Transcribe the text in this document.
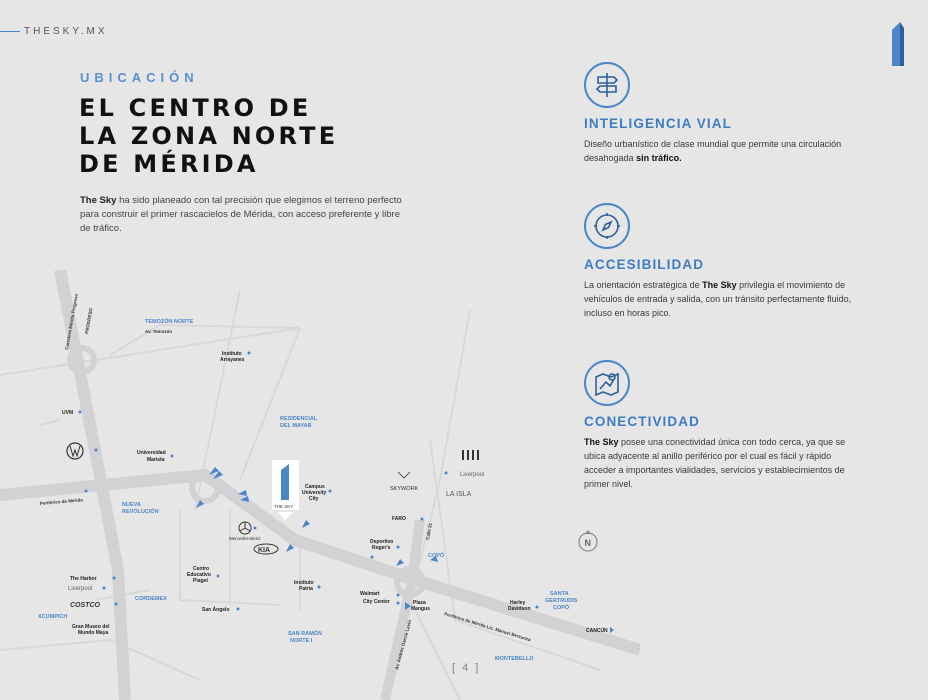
THESKY.MX
UBICACIÓN
EL CENTRO DE
LA ZONA NORTE
DE MÉRIDA

The Sky ha sido planeado con tal precisión que elegimos el terreno perfecto para construir el primer rascacielos de Mérida, con acceso preferente y libre de tráfico.

INTELIGENCIA VIAL
Diseño urbanístico de clase mundial que permite una circulación desahogada sin tráfico.
ACCESIBILIDAD
La orientación estratégica de The Sky privilegia el movimiento de vehículos de entrada y salida, con un tránsito perfectamente fluido, incluso en horas pico.
CONECTIVIDAD
The Sky posee una conectividad única con todo cerca, ya que se ubica adyacente al anillo periférico por el cual es fácil y rápido acceder a importantes vialidades, servicios y establecimientos de primer nivel.
PROGRESO
Carretera Mérida Progreso
Periférico de Mérida
Periférico de Mérida Lic. Manuel Berzunza
Av. Temozón
Calle 21
Av. Andrés García Lavín
TEMOZÓN NORTE
RESIDENCIAL
DEL MAYAB
NUEVA
REVOLUCIÓN
CORDEMEX
XCUMPICH
COPÓ
SANTA
GERTRUDIS
COPÓ
SAN RAMÓN
NORTE I
MONTEBELLO
UVM
Instituto
Arrayanes
Universidad
Marista
Campus
University
City
Deportivo
Roger's
Centro
Educativo
Piaget	Instituto
Patria
San Ángelo
Walmart
City Center	Plaza
Mangus
Harley
Davidson
CANCÚN
The Harbor
Gran Museo del
Mundo Maya
FARO
Liverpool
COSTCO
SKYWORK
Liverpool
LA ISLA
Mercedes-Benz
KIA
THE SKY
N
[ 4 ]
